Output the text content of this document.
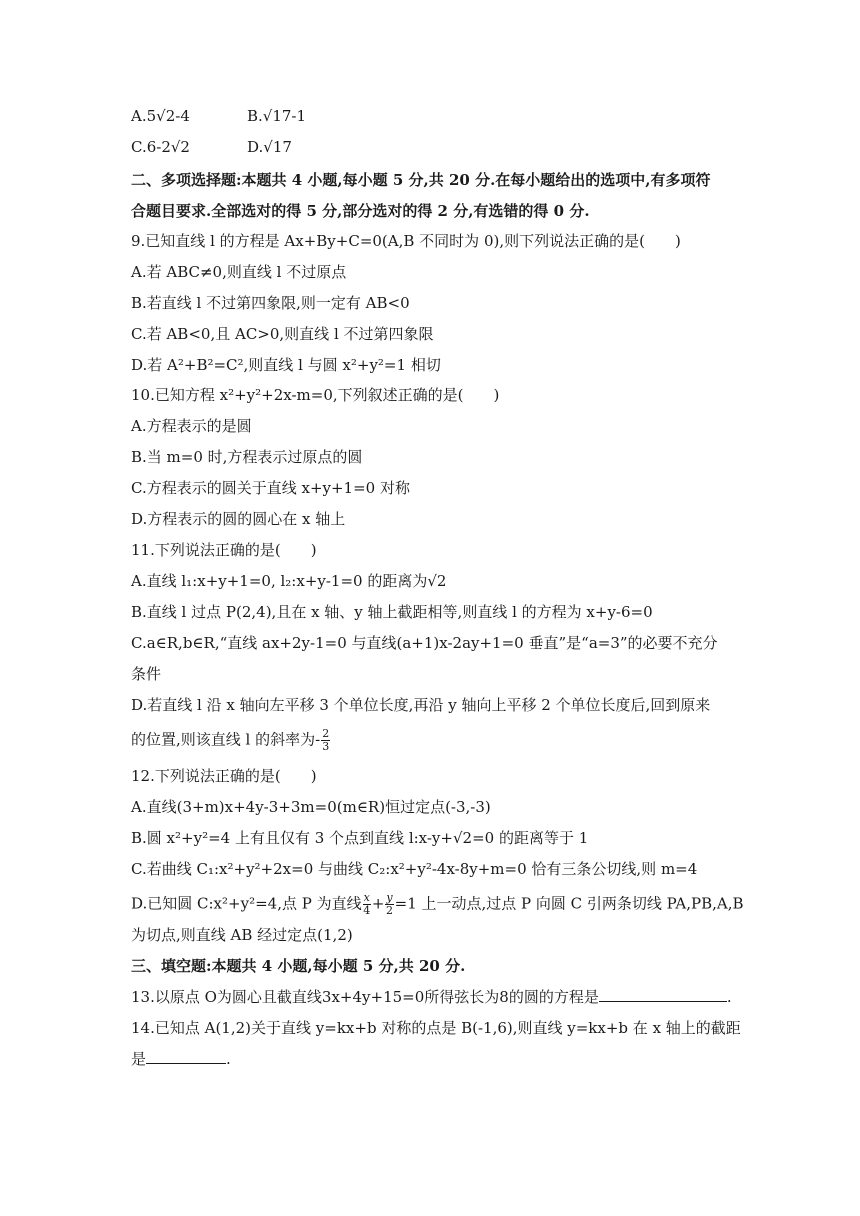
A.5√2-4	B.√17-1
C.6-2√2	D.√17
二、多项选择题:本题共 4 小题,每小题 5 分,共 20 分.在每小题给出的选项中,有多项符
合题目要求.全部选对的得 5 分,部分选对的得 2 分,有选错的得 0 分.
9.已知直线 l 的方程是 Ax+By+C=0(A,B 不同时为 0),则下列说法正确的是(　　)
A.若 ABC≠0,则直线 l 不过原点
B.若直线 l 不过第四象限,则一定有 AB<0
C.若 AB<0,且 AC>0,则直线 l 不过第四象限
D.若 A²+B²=C²,则直线 l 与圆 x²+y²=1 相切
10.已知方程 x²+y²+2x-m=0,下列叙述正确的是(　　)
A.方程表示的是圆
B.当 m=0 时,方程表示过原点的圆
C.方程表示的圆关于直线 x+y+1=0 对称
D.方程表示的圆的圆心在 x 轴上
11.下列说法正确的是(　　)
A.直线 l₁:x+y+1=0, l₂:x+y-1=0 的距离为√2
B.直线 l 过点 P(2,4),且在 x 轴、y 轴上截距相等,则直线 l 的方程为 x+y-6=0
C.a∈R,b∈R,“直线 ax+2y-1=0 与直线(a+1)x-2ay+1=0 垂直”是“a=3”的必要不充分
条件
D.若直线 l 沿 x 轴向左平移 3 个单位长度,再沿 y 轴向上平移 2 个单位长度后,回到原来
的位置,则该直线 l 的斜率为- $\frac{2}{3}$
12.下列说法正确的是(　　)
A.直线(3+m)x+4y-3+3m=0(m∈R)恒过定点(-3,-3)
B.圆 x²+y²=4 上有且仅有 3 个点到直线 l:x-y+√2=0 的距离等于 1
C.若曲线 C₁:x²+y²+2x=0 与曲线 C₂:x²+y²-4x-8y+m=0 恰有三条公切线,则 m=4
D.已知圆 C:x²+y²=4,点 P 为直线 $\frac{x}{4} + \frac{y}{2} =1$ 上一动点,过点 P 向圆 C 引两条切线 PA,PB,A,B
为切点,则直线 AB 经过定点(1,2)
三、填空题:本题共 4 小题,每小题 5 分,共 20 分.
13.以原点 O为圆心且截直线3x+4y+15=0所得弦长为8的圆的方程是	.
14.已知点 A(1,2)关于直线 y=kx+b 对称的点是 B(-1,6),则直线 y=kx+b 在 x 轴上的截距
是	.
